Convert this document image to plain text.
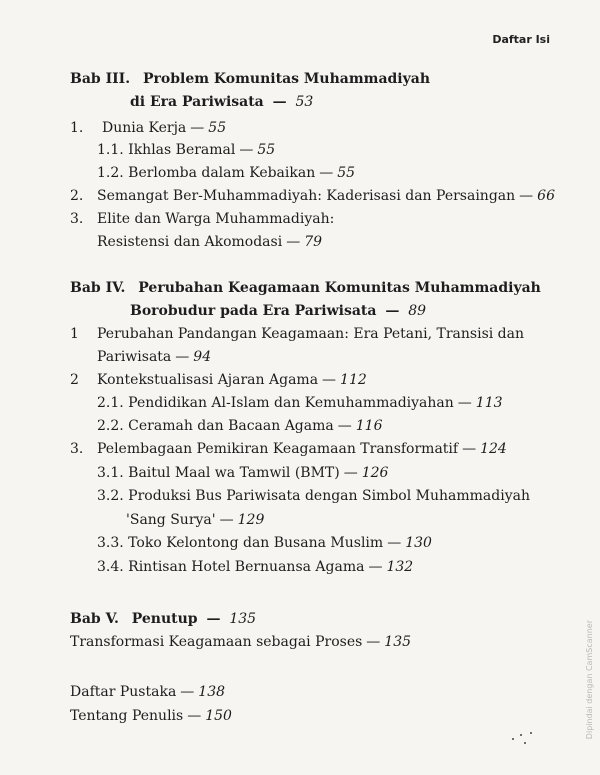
Daftar Isi
Bab III. Problem Komunitas Muhammadiyah
di Era Pariwisata — 53
1. Dunia Kerja — 55
1.1. Ikhlas Beramal — 55
1.2. Berlomba dalam Kebaikan — 55
2. Semangat Ber-Muhammadiyah: Kaderisasi dan Persaingan — 66
3. Elite dan Warga Muhammadiyah:
Resistensi dan Akomodasi — 79
Bab IV. Perubahan Keagamaan Komunitas Muhammadiyah
Borobudur pada Era Pariwisata — 89
1 Perubahan Pandangan Keagamaan: Era Petani, Transisi dan
Pariwisata — 94
2 Kontekstualisasi Ajaran Agama — 112
2.1. Pendidikan Al-Islam dan Kemuhammadiyahan — 113
2.2. Ceramah dan Bacaan Agama — 116
3. Pelembagaan Pemikiran Keagamaan Transformatif — 124
3.1. Baitul Maal wa Tamwil (BMT) — 126
3.2. Produksi Bus Pariwisata dengan Simbol Muhammadiyah
'Sang Surya' — 129
3.3. Toko Kelontong dan Busana Muslim — 130
3.4. Rintisan Hotel Bernuansa Agama — 132
Bab V. Penutup — 135
Transformasi Keagamaan sebagai Proses — 135
Daftar Pustaka — 138
Tentang Penulis — 150	Dipindai dengan CamScanner
